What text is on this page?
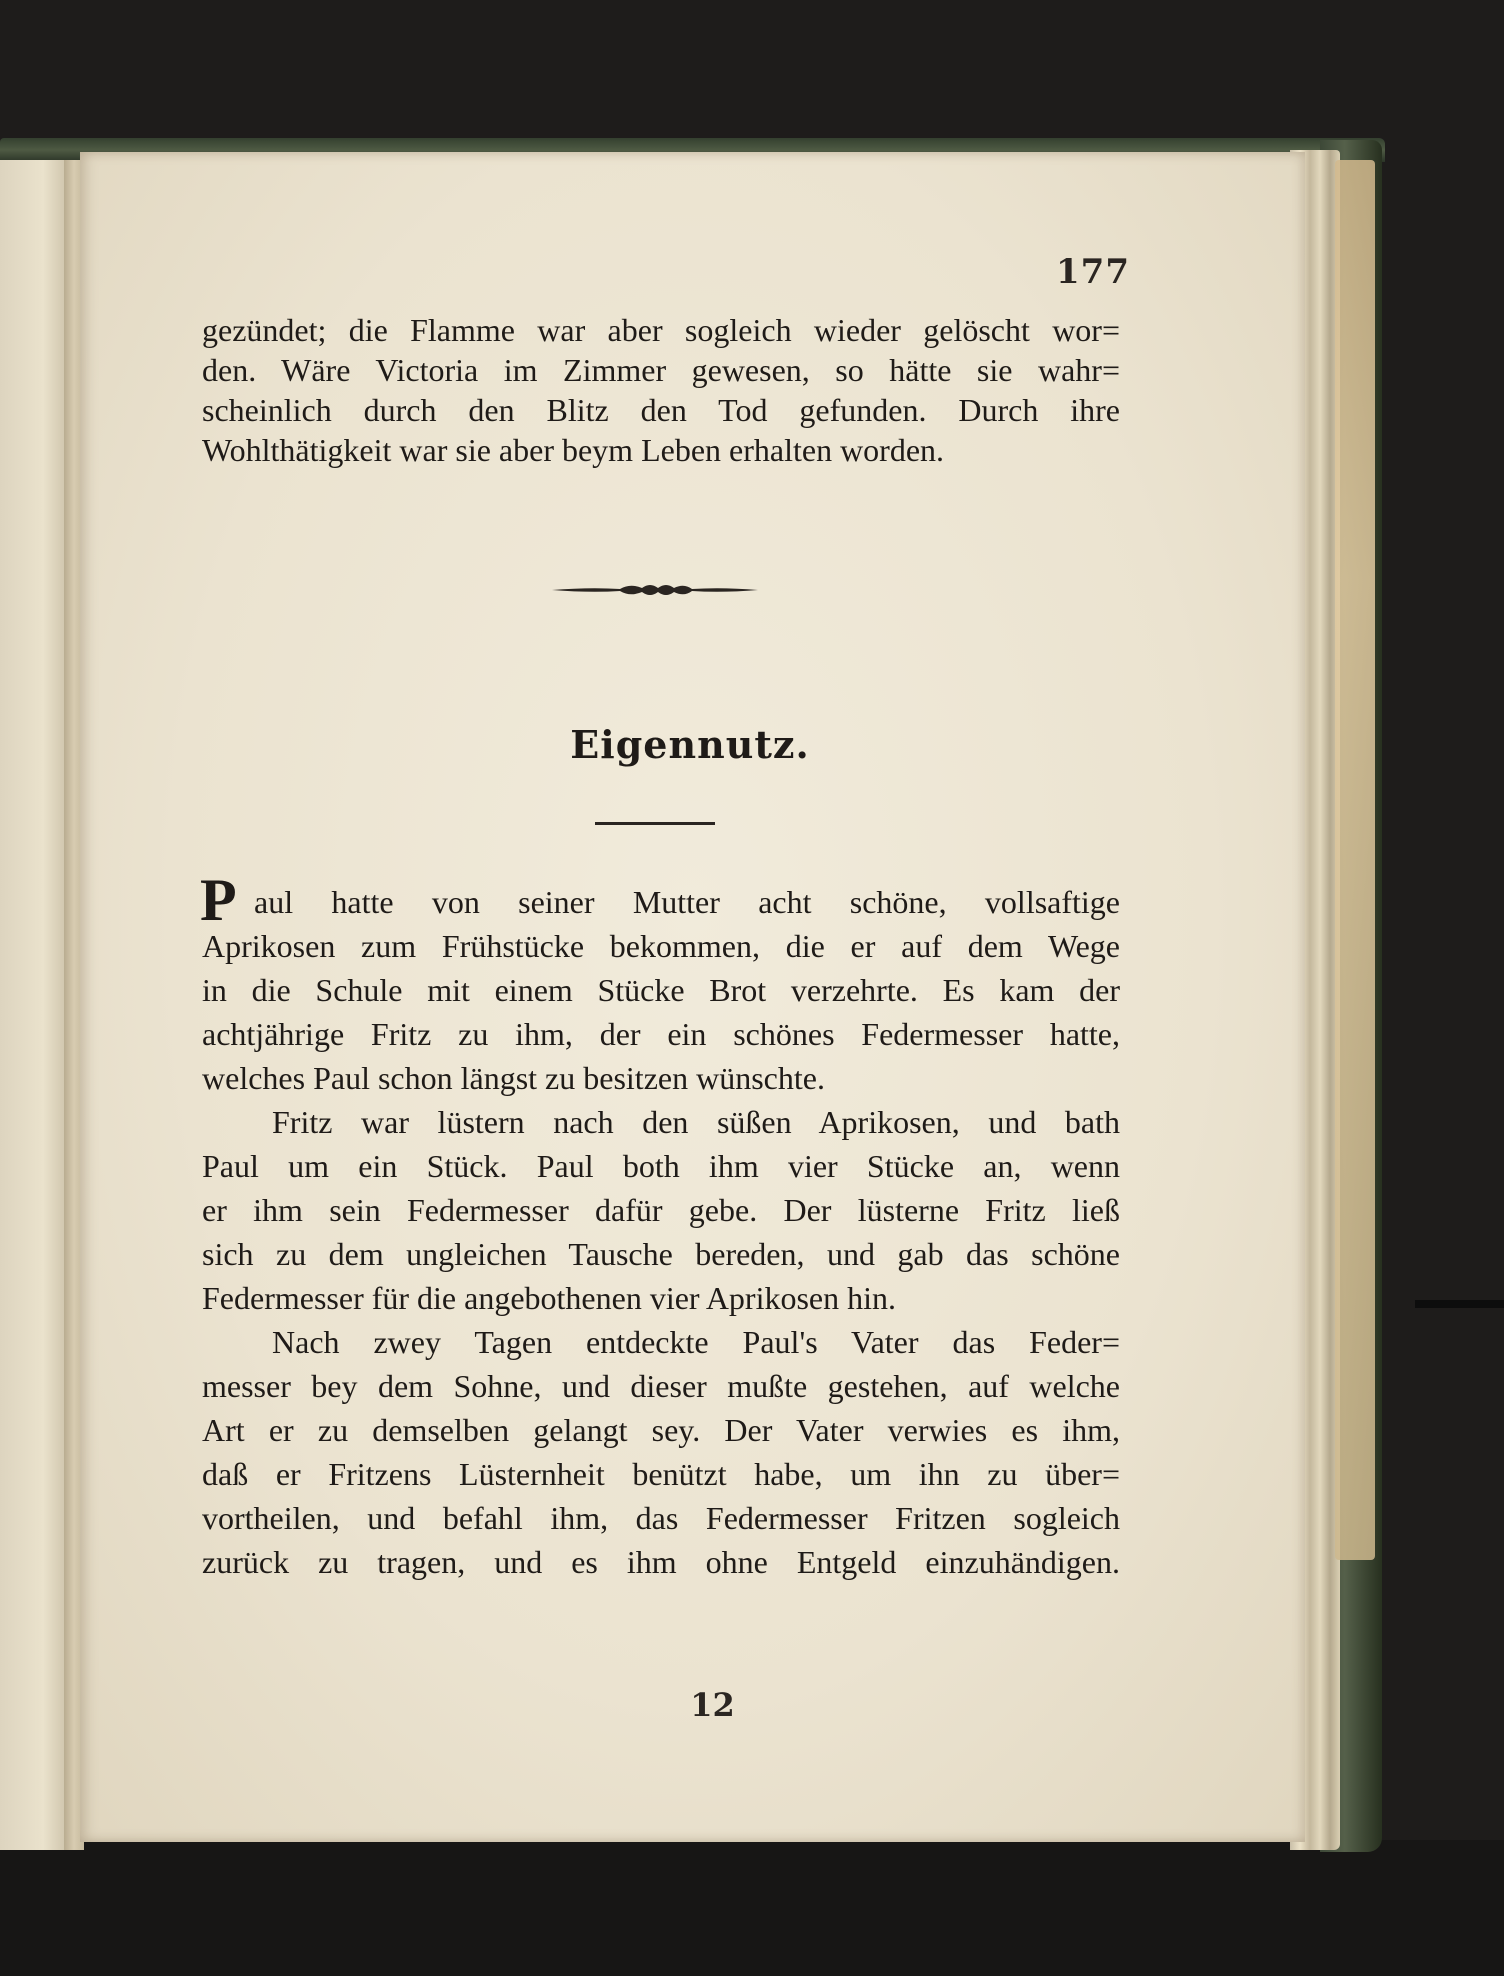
177
gezündet; die Flamme war aber sogleich wieder gelöscht wor=
den. Wäre Victoria im Zimmer gewesen, so hätte sie wahr=
scheinlich durch den Blitz den Tod gefunden. Durch ihre
Wohlthätigkeit war sie aber beym Leben erhalten worden.
Eigennutz.
P aul hatte von seiner Mutter acht schöne, vollsaftige
Aprikosen zum Frühstücke bekommen, die er auf dem Wege
in die Schule mit einem Stücke Brot verzehrte. Es kam der
achtjährige Fritz zu ihm, der ein schönes Federmesser hatte,
welches Paul schon längst zu besitzen wünschte.
Fritz war lüstern nach den süßen Aprikosen, und bath
Paul um ein Stück. Paul both ihm vier Stücke an, wenn
er ihm sein Federmesser dafür gebe. Der lüsterne Fritz ließ
sich zu dem ungleichen Tausche bereden, und gab das schöne
Federmesser für die angebothenen vier Aprikosen hin.
Nach zwey Tagen entdeckte Paul's Vater das Feder=
messer bey dem Sohne, und dieser mußte gestehen, auf welche
Art er zu demselben gelangt sey. Der Vater verwies es ihm,
daß er Fritzens Lüsternheit benützt habe, um ihn zu über=
vortheilen, und befahl ihm, das Federmesser Fritzen sogleich
zurück zu tragen, und es ihm ohne Entgeld einzuhändigen.
12
